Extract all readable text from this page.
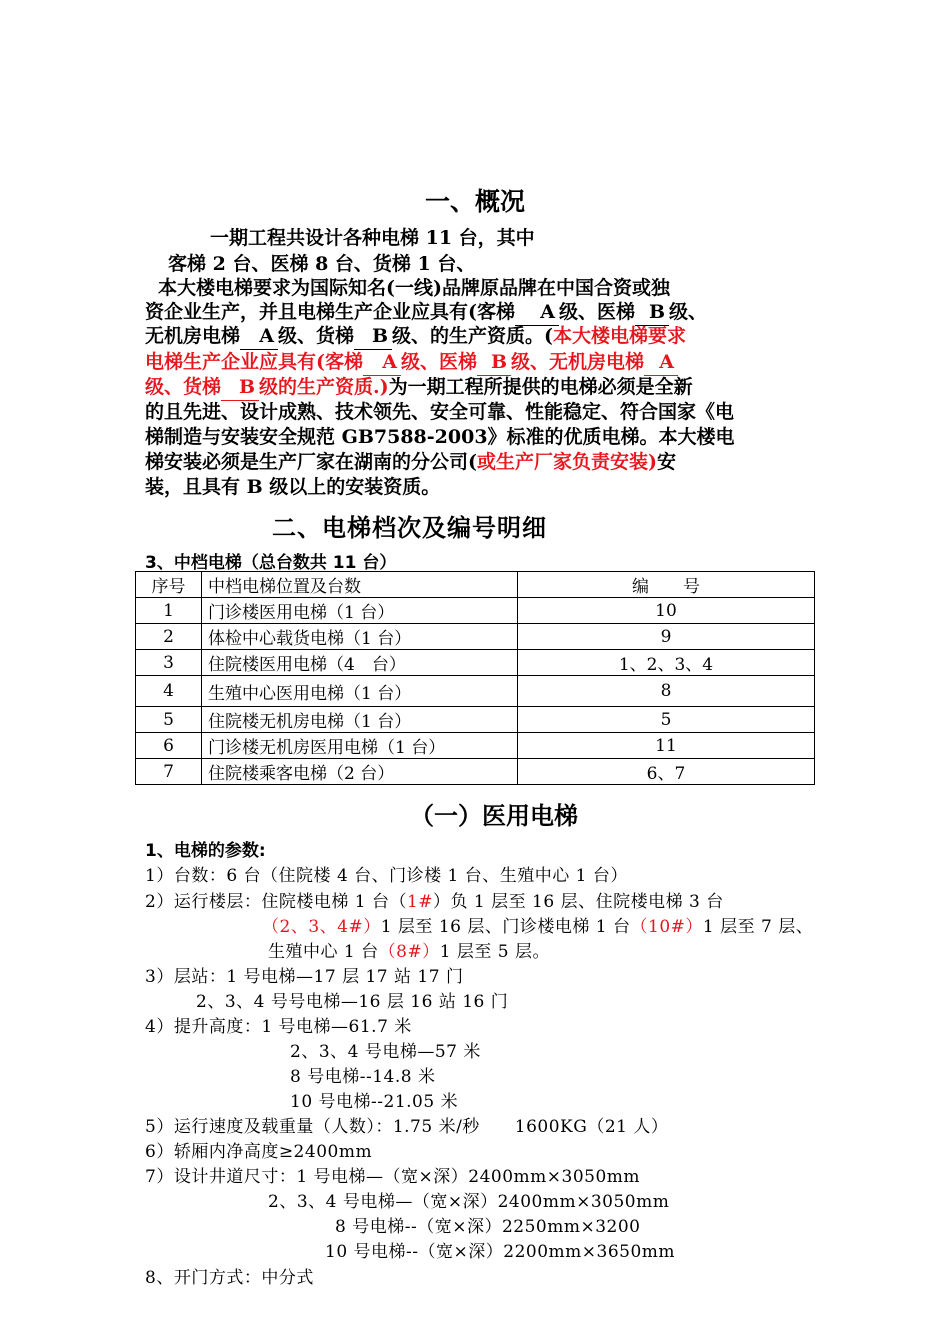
一、概况
一期工程共设计各种电梯 11 台，其中
客梯 2 台、医梯 8 台、货梯 1 台、
本大楼电梯要求为国际知名(一线)品牌原品牌在中国合资或独
资企业生产，并且电梯生产企业应具有(客梯 A 级、医梯 B 级、
无机房电梯 A 级、货梯 B 级、的生产资质。(本大楼电梯要求
电梯生产企业应具有(客梯 A 级、医梯 B 级、无机房电梯 A
级、货梯 B 级的生产资质.)为一期工程所提供的电梯必须是全新
的且先进、设计成熟、技术领先、安全可靠、性能稳定、符合国家《电
梯制造与安装安全规范 GB7588-2003》标准的优质电梯。本大楼电
梯安装必须是生产厂家在湖南的分公司(或生产厂家负责安装)安
装，且具有 B 级以上的安装资质。
二、电梯档次及编号明细
3、中档电梯（总台数共 11 台）
序号	中档电梯位置及台数	编　　号
1	门诊楼医用电梯（1 台）	10
2	体检中心载货电梯（1 台）	9
3	住院楼医用电梯（4　台）	1、2、3、4
4	生殖中心医用电梯（1 台）	8
5	住院楼无机房电梯（1 台）	5
6	门诊楼无机房医用电梯（1 台）	11
7	住院楼乘客电梯（2 台）	6、7
（一）医用电梯
1、电梯的参数:
1）台数：6 台（住院楼 4 台、门诊楼 1 台、生殖中心 1 台）
2）运行楼层：住院楼电梯 1 台（1#）负 1 层至 16 层、住院楼电梯 3 台
（2、3、4#）1 层至 16 层、门诊楼电梯 1 台（10#）1 层至 7 层、
生殖中心 1 台（8#）1 层至 5 层。
3）层站：1 号电梯—17 层 17 站 17 门
2、3、4 号号电梯—16 层 16 站 16 门
4）提升高度：1 号电梯—61.7 米
2、3、4 号电梯—57 米
8 号电梯--14.8 米
10 号电梯--21.05 米
5）运行速度及载重量（人数）：1.75 米/秒　　1600KG（21 人）
6）轿厢内净高度≥2400mm
7）设计井道尺寸：1 号电梯—（宽×深）2400mm×3050mm
2、3、4 号电梯—（宽×深）2400mm×3050mm
8 号电梯--（宽×深）2250mm×3200
10 号电梯--（宽×深）2200mm×3650mm
8、开门方式：中分式
